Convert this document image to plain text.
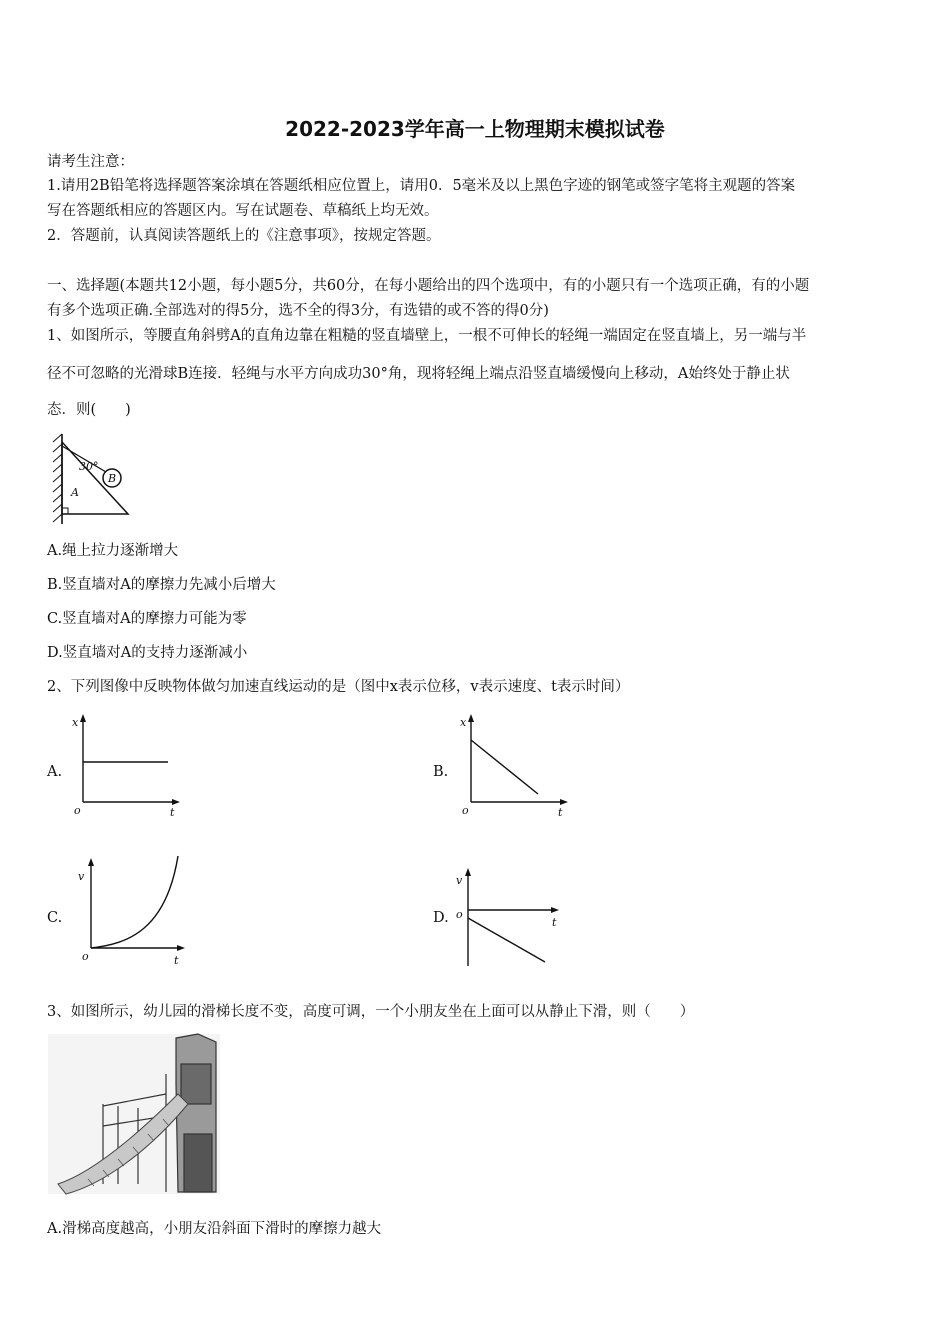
2022-2023学年高一上物理期末模拟试卷
请考生注意：
1.请用2B铅笔将选择题答案涂填在答题纸相应位置上，请用0．5毫米及以上黑色字迹的钢笔或签字笔将主观题的答案
写在答题纸相应的答题区内。写在试题卷、草稿纸上均无效。
2．答题前，认真阅读答题纸上的《注意事项》，按规定答题。
一、选择题(本题共12小题，每小题5分，共60分，在每小题给出的四个选项中，有的小题只有一个选项正确，有的小题
有多个选项正确.全部选对的得5分，选不全的得3分，有选错的或不答的得0分)
1、如图所示，等腰直角斜劈A的直角边靠在粗糙的竖直墙壁上，一根不可伸长的轻绳一端固定在竖直墙上，另一端与半
径不可忽略的光滑球B连接．轻绳与水平方向成功30°角，现将轻绳上端点沿竖直墙缓慢向上移动，A始终处于静止状
态．则(　　)
30°
B
A
A.绳上拉力逐渐增大
B.竖直墙对A的摩擦力先减小后增大
C.竖直墙对A的摩擦力可能为零
D.竖直墙对A的支持力逐渐减小
2、下列图像中反映物体做匀加速直线运动的是（图中x表示位移，v表示速度、t表示时间）
A.
x
t
o
B.
x
t
o
C.
v
t
o
D.
v
t
o
3、如图所示，幼儿园的滑梯长度不变，高度可调，一个小朋友坐在上面可以从静止下滑，则（　　）
A.滑梯高度越高，小朋友沿斜面下滑时的摩擦力越大
